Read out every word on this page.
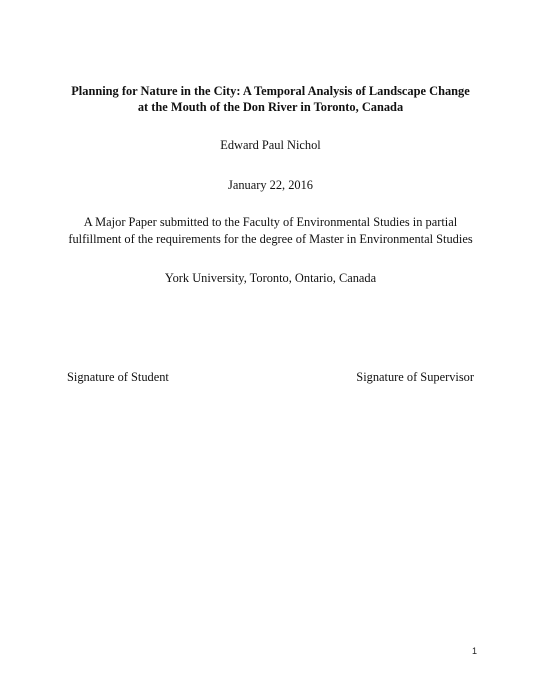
Planning for Nature in the City: A Temporal Analysis of Landscape Change
at the Mouth of the Don River in Toronto, Canada
Edward Paul Nichol
January 22, 2016
A Major Paper submitted to the Faculty of Environmental Studies in partial
fulfillment of the requirements for the degree of Master in Environmental Studies
York University, Toronto, Ontario, Canada
Signature of Student	Signature of Supervisor
1
